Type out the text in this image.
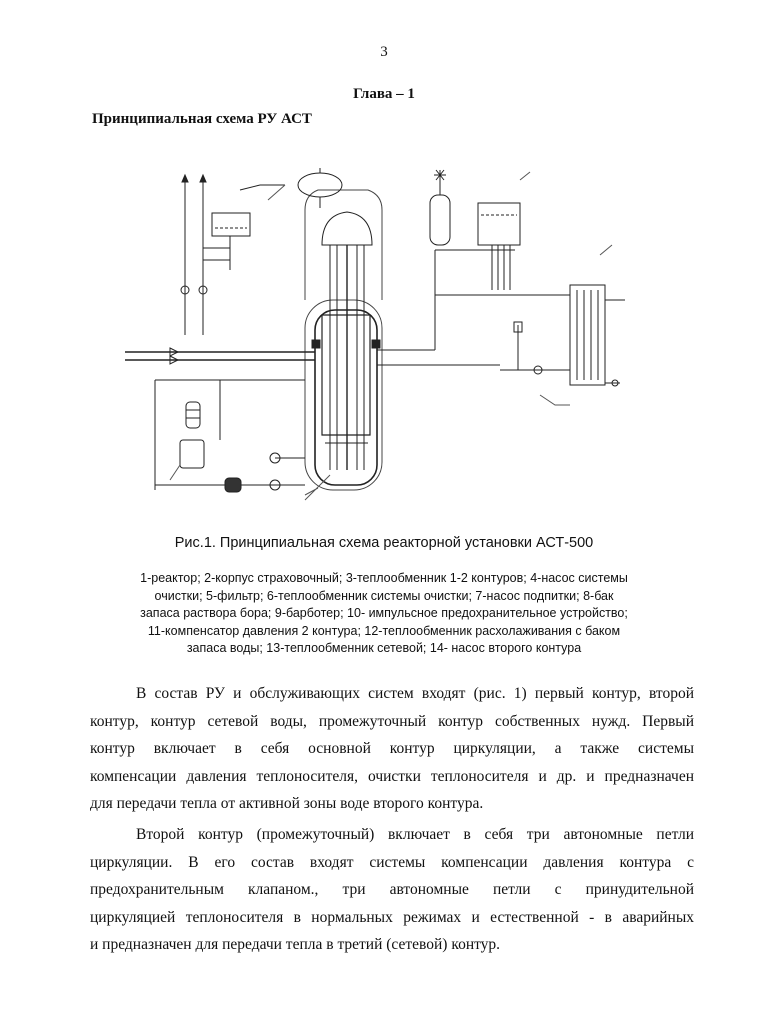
3
Глава – 1
Принципиальная схема РУ АСТ
Рис.1. Принципиальная схема реакторной установки АСТ-500
1-реактор; 2-корпус страховочный; 3-теплообменник 1-2 контуров; 4-насос системы
очистки; 5-фильтр; 6-теплообменник системы очистки; 7-насос подпитки; 8-бак
запаса раствора бора; 9-барботер; 10- импульсное предохранительное устройство;
11-компенсатор давления 2 контура; 12-теплообменник расхолаживания с баком
запаса воды; 13-теплообменник сетевой; 14- насос второго контура
В состав РУ и обслуживающих систем входят (рис. 1) первый контур, второй
контур, контур сетевой воды, промежуточный контур собственных нужд. Первый
контур включает в себя основной контур циркуляции, а также системы
компенсации давления теплоносителя, очистки теплоносителя и др. и предназначен
для передачи тепла от активной зоны воде второго контура.
Второй контур (промежуточный) включает в себя три автономные петли
циркуляции. В его состав входят системы компенсации давления контура с
предохранительным клапаном., три автономные петли с принудительной
циркуляцией теплоносителя в нормальных режимах и естественной - в аварийных
и предназначен для передачи тепла в третий (сетевой) контур.
